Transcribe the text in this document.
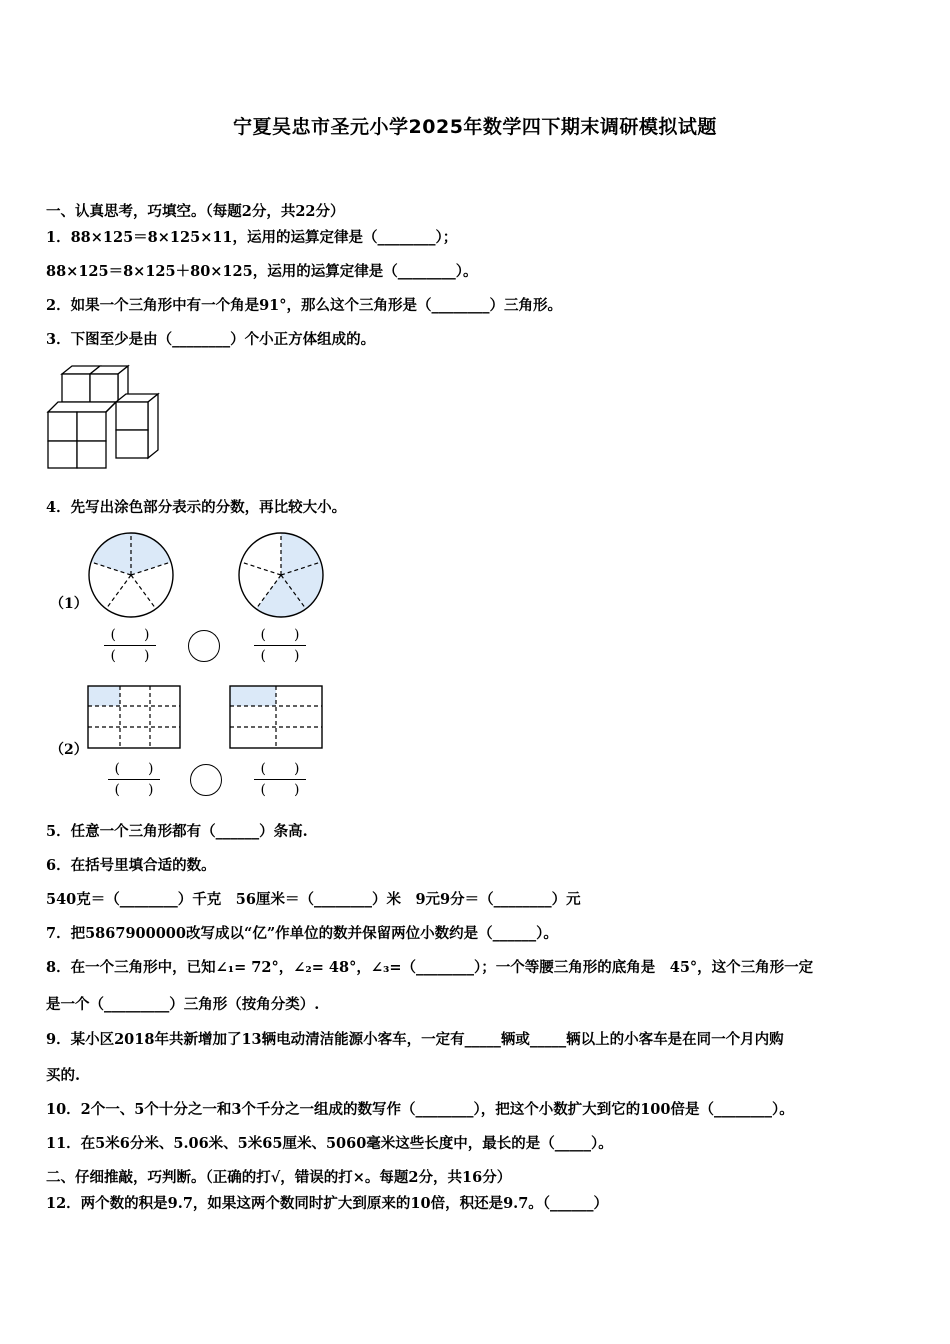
宁夏吴忠市圣元小学2025年数学四下期末调研模拟试题
一、认真思考，巧填空。（每题2分，共22分）
1．88×125＝8×125×11，运用的运算定律是（________）；
88×125＝8×125＋80×125，运用的运算定律是（________）。
2．如果一个三角形中有一个角是91°，那么这个三角形是（________）三角形。
3．下图至少是由（________）个小正方体组成的。
4．先写出涂色部分表示的分数，再比较大小。
（1）
(　　)
(　　)
(　　)
(　　)
（2）
(　　)
(　　)
(　　)
(　　)
5．任意一个三角形都有（______）条高.
6．在括号里填合适的数。
540克＝（________）千克　56厘米＝（________）米　9元9分＝（________）元
7．把5867900000改写成以“亿”作单位的数并保留两位小数约是（______）。
8．在一个三角形中，已知∠₁= 72°，∠₂= 48°，∠₃=（________）；一个等腰三角形的底角是　45°，这个三角形一定
是一个（_________）三角形（按角分类）.
9．某小区2018年共新增加了13辆电动清洁能源小客车，一定有_____辆或_____辆以上的小客车是在同一个月内购
买的.
10．2个一、5个十分之一和3个千分之一组成的数写作（________），把这个小数扩大到它的100倍是（________）。
11．在5米6分米、5.06米、5米65厘米、5060毫米这些长度中，最长的是（_____）。
二、仔细推敲，巧判断。（正确的打√，错误的打×。每题2分，共16分）
12．两个数的积是9.7，如果这两个数同时扩大到原来的10倍，积还是9.7。（______）
